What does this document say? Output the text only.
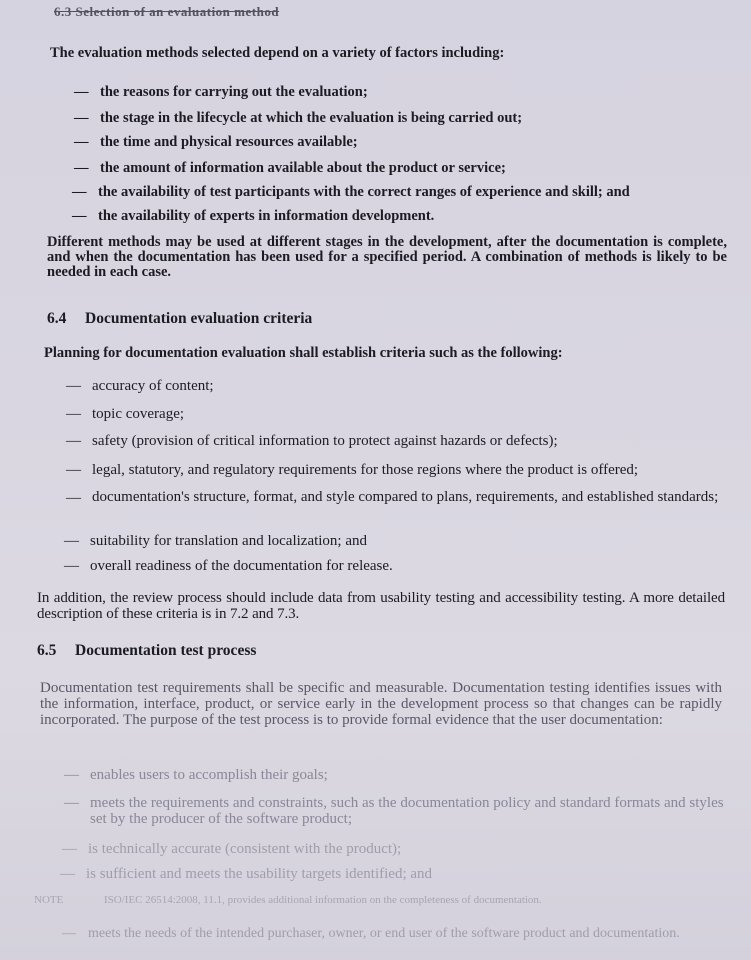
6.3 Selection of an evaluation method
The evaluation methods selected depend on a variety of factors including:
—the reasons for carrying out the evaluation;
—the stage in the lifecycle at which the evaluation is being carried out;
—the time and physical resources available;
—the amount of information available about the product or service;
—the availability of test participants with the correct ranges of experience and skill; and
—the availability of experts in information development.
Different methods may be used at different stages in the development, after the documentation is complete, and when the documentation has been used for a specified period. A combination of methods is likely to be needed in each case.
6.4 Documentation evaluation criteria
Planning for documentation evaluation shall establish criteria such as the following:
—accuracy of content;
—topic coverage;
—safety (provision of critical information to protect against hazards or defects);
—legal, statutory, and regulatory requirements for those regions where the product is offered;
—
documentation's structure, format, and style compared to plans, requirements, and established standards;
—suitability for translation and localization; and
—overall readiness of the documentation for release.
In addition, the review process should include data from usability testing and accessibility testing. A more detailed description of these criteria is in 7.2 and 7.3.
6.5 Documentation test process
Documentation test requirements shall be specific and measurable. Documentation testing identifies issues with the information, interface, product, or service early in the development process so that changes can be rapidly incorporated. The purpose of the test process is to provide formal evidence that the user documentation:
—enables users to accomplish their goals;
—
meets the requirements and constraints, such as the documentation policy and standard formats and styles set by the producer of the software product;
—is technically accurate (consistent with the product);
—is sufficient and meets the usability targets identified; and
NOTE	ISO/IEC 26514:2008, 11.1, provides additional information on the completeness of documentation.
—
meets the needs of the intended purchaser, owner, or end user of the software product and documentation.
